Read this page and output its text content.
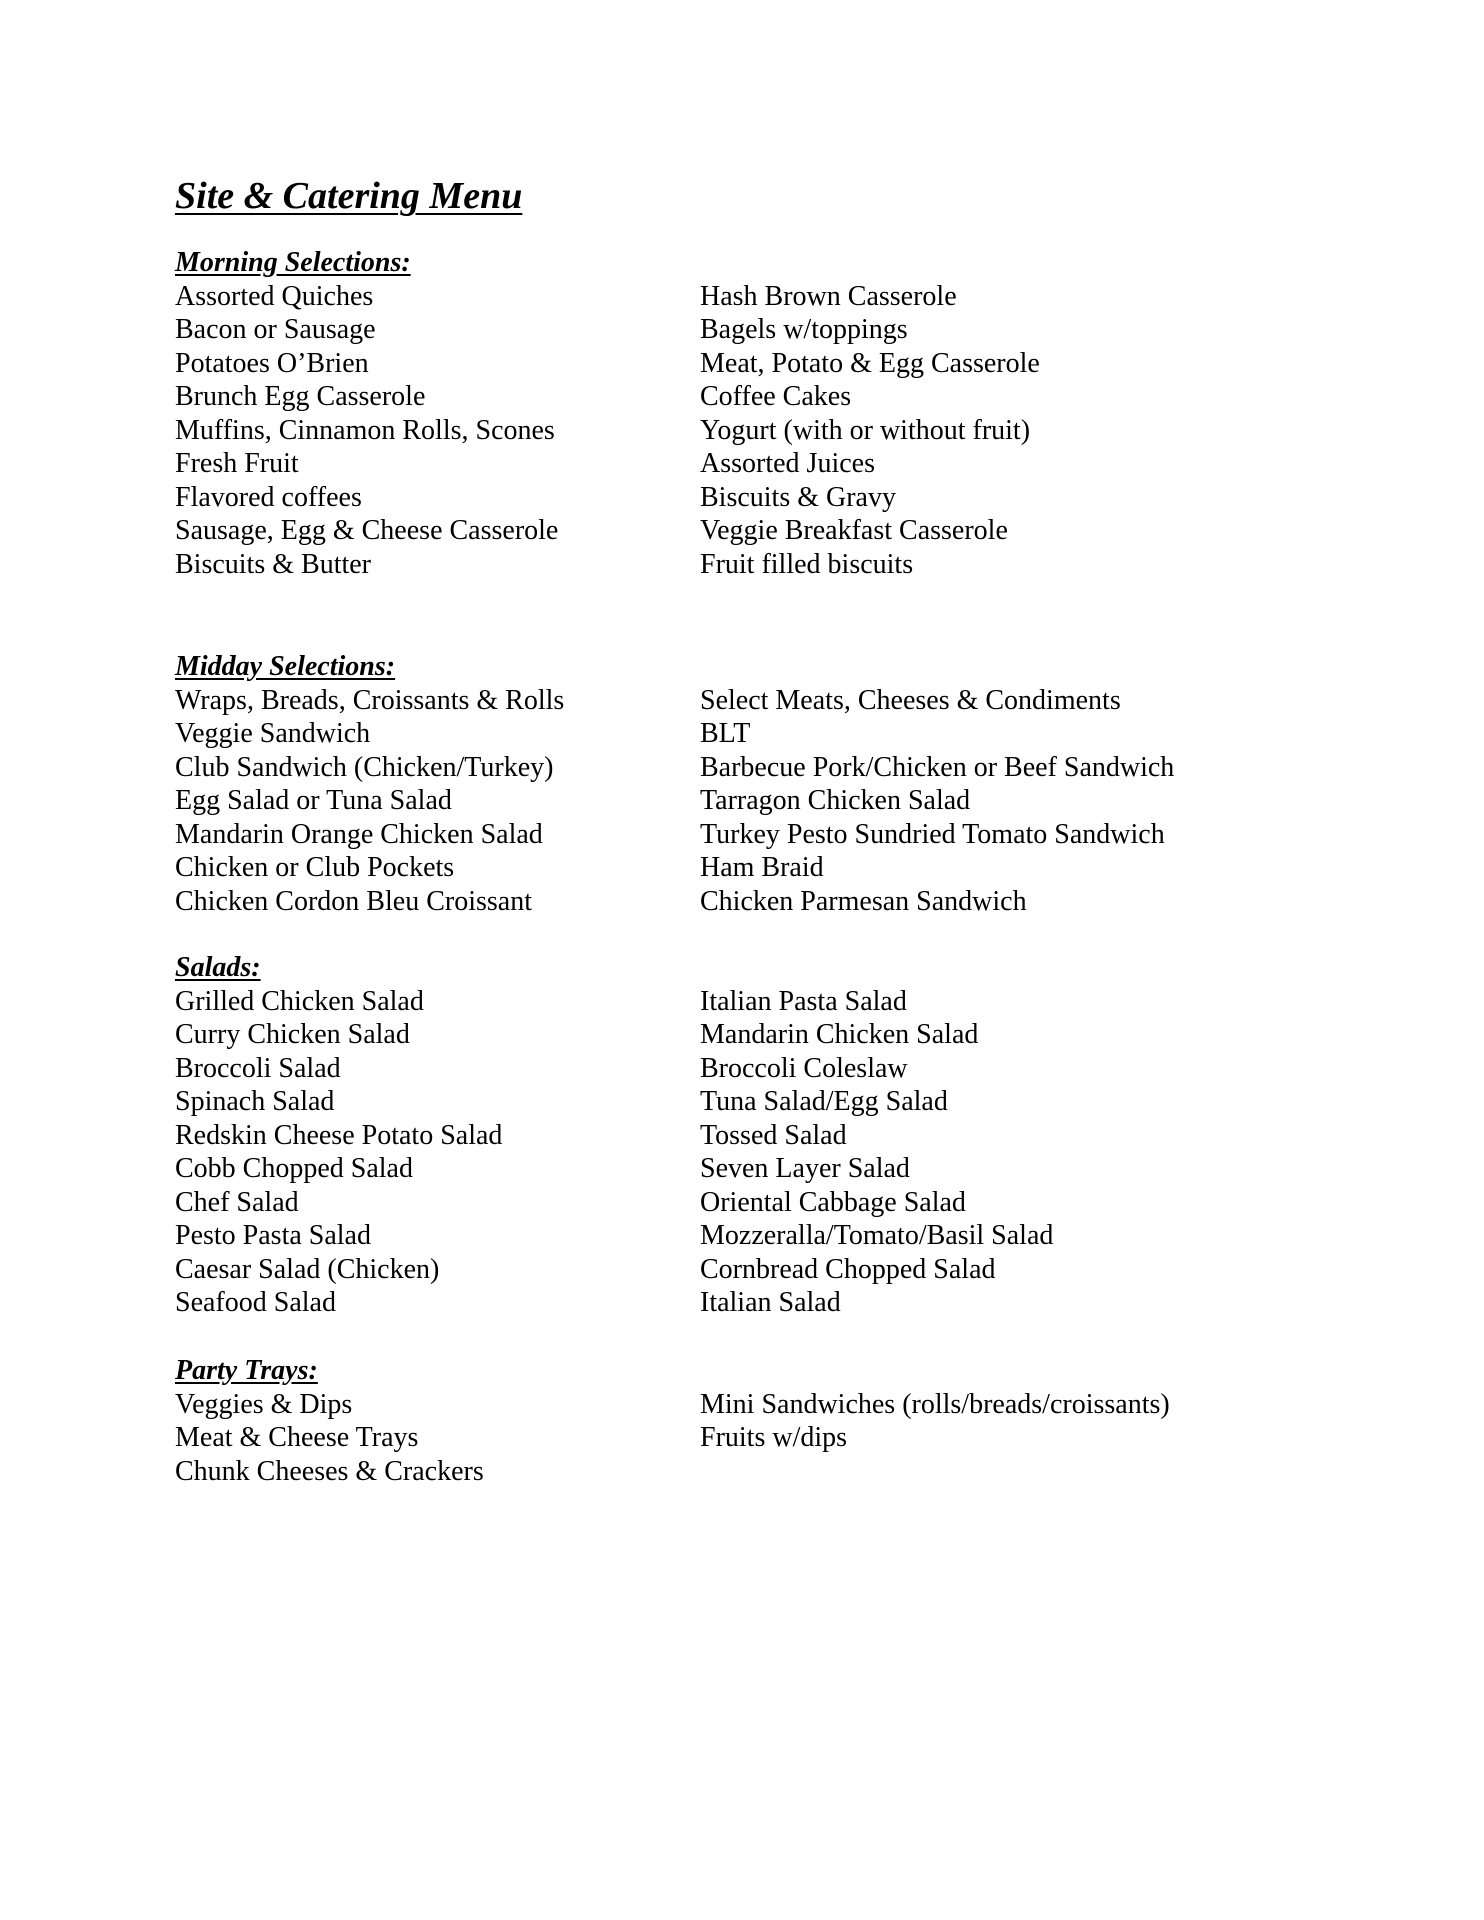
Site & Catering Menu
Morning Selections:
Assorted Quiches
Bacon or Sausage
Potatoes O’Brien
Brunch Egg Casserole
Muffins, Cinnamon Rolls, Scones
Fresh Fruit
Flavored coffees
Sausage, Egg & Cheese Casserole
Biscuits & Butter
Hash Brown Casserole
Bagels w/toppings
Meat, Potato & Egg Casserole
Coffee Cakes
Yogurt (with or without fruit)
Assorted Juices
Biscuits & Gravy
Veggie Breakfast Casserole
Fruit filled biscuits
Midday Selections:
Wraps, Breads, Croissants & Rolls
Veggie Sandwich
Club Sandwich (Chicken/Turkey)
Egg Salad or Tuna Salad
Mandarin Orange Chicken Salad
Chicken or Club Pockets
Chicken Cordon Bleu Croissant
Select Meats, Cheeses & Condiments
BLT
Barbecue Pork/Chicken or Beef Sandwich
Tarragon Chicken Salad
Turkey Pesto Sundried Tomato Sandwich
Ham Braid
Chicken Parmesan Sandwich
Salads:
Grilled Chicken Salad
Curry Chicken Salad
Broccoli Salad
Spinach Salad
Redskin Cheese Potato Salad
Cobb Chopped Salad
Chef Salad
Pesto Pasta Salad
Caesar Salad (Chicken)
Seafood Salad
Italian Pasta Salad
Mandarin Chicken Salad
Broccoli Coleslaw
Tuna Salad/Egg Salad
Tossed Salad
Seven Layer Salad
Oriental Cabbage Salad
Mozzeralla/Tomato/Basil Salad
Cornbread Chopped Salad
Italian Salad
Party Trays:
Veggies & Dips
Meat & Cheese Trays
Chunk Cheeses & Crackers
Mini Sandwiches (rolls/breads/croissants)
Fruits w/dips
